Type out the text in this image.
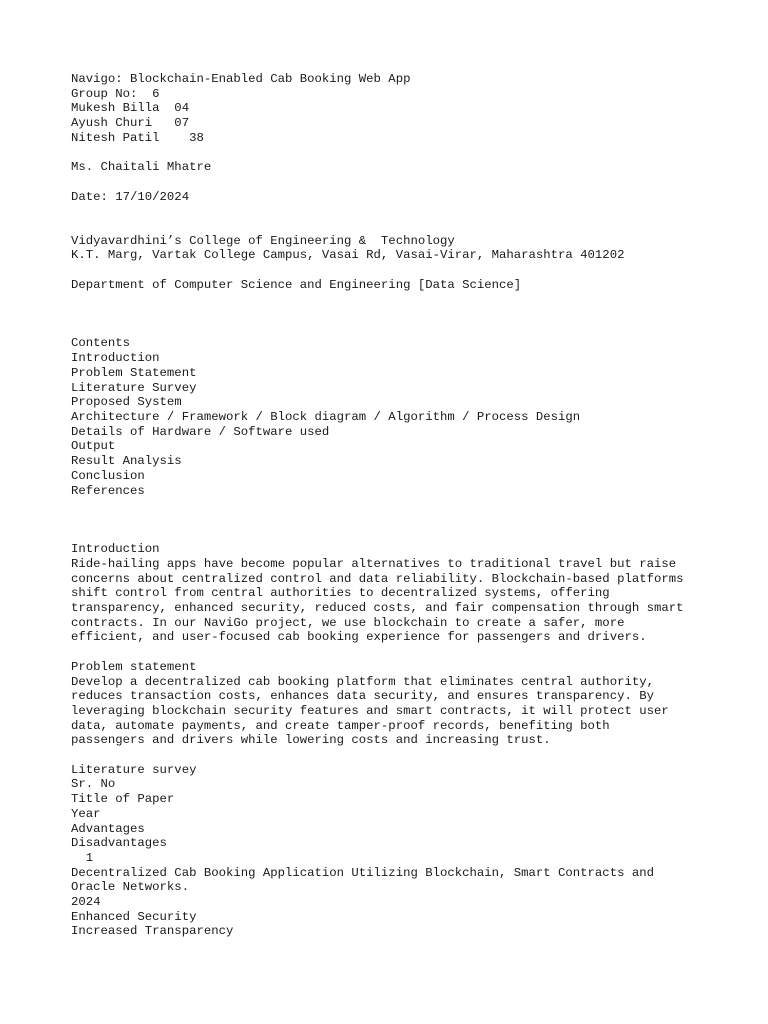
Navigo: Blockchain-Enabled Cab Booking Web App
Group No:  6
Mukesh Billa  04
Ayush Churi   07
Nitesh Patil    38
Ms. Chaitali Mhatre
Date: 17/10/2024
Vidyavardhini’s College of Engineering &  Technology
K.T. Marg, Vartak College Campus, Vasai Rd, Vasai-Virar, Maharashtra 401202
Department of Computer Science and Engineering [Data Science]
Contents
Introduction
Problem Statement
Literature Survey
Proposed System
Architecture / Framework / Block diagram / Algorithm / Process Design
Details of Hardware / Software used
Output
Result Analysis
Conclusion
References
Introduction
Ride-hailing apps have become popular alternatives to traditional travel but raise
concerns about centralized control and data reliability. Blockchain-based platforms
shift control from central authorities to decentralized systems, offering
transparency, enhanced security, reduced costs, and fair compensation through smart
contracts. In our NaviGo project, we use blockchain to create a safer, more
efficient, and user-focused cab booking experience for passengers and drivers.
Problem statement
Develop a decentralized cab booking platform that eliminates central authority,
reduces transaction costs, enhances data security, and ensures transparency. By
leveraging blockchain security features and smart contracts, it will protect user
data, automate payments, and create tamper-proof records, benefiting both
passengers and drivers while lowering costs and increasing trust.
Literature survey
Sr. No
Title of Paper
Year
Advantages
Disadvantages
1
Decentralized Cab Booking Application Utilizing Blockchain, Smart Contracts and
Oracle Networks.
2024
Enhanced Security
Increased Transparency
